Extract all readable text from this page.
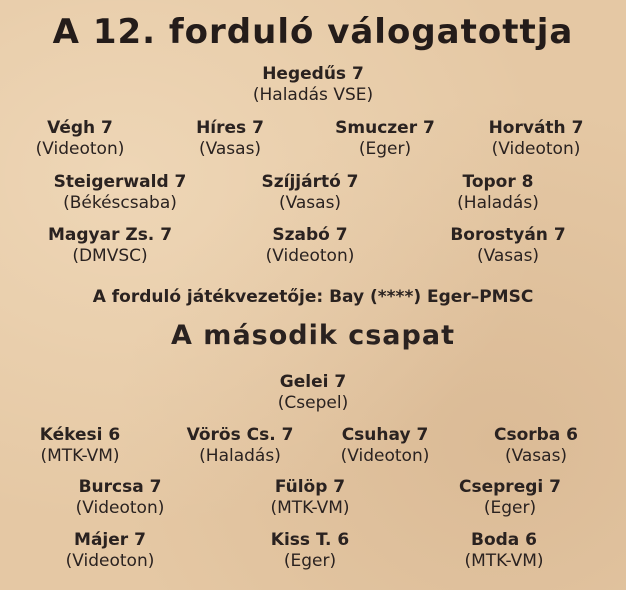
A 12. forduló válogatottja
Hegedűs 7
(Haladás VSE)
Végh 7
(Videoton)
Híres 7
(Vasas)
Smuczer 7
(Eger)
Horváth 7
(Videoton)
Steigerwald 7
(Békéscsaba)
Szíjjártó 7
(Vasas)
Topor 8
(Haladás)
Magyar Zs. 7
(DMVSC)
Szabó 7
(Videoton)
Borostyán 7
(Vasas)
A forduló játékvezetője: Bay (****) Eger–PMSC
A második csapat
Gelei 7
(Csepel)
Kékesi 6
(MTK-VM)
Vörös Cs. 7
(Haladás)
Csuhay 7
(Videoton)
Csorba 6
(Vasas)
Burcsa 7
(Videoton)
Fülöp 7
(MTK-VM)
Csepregi 7
(Eger)
Májer 7
(Videoton)
Kiss T. 6
(Eger)
Boda 6
(MTK-VM)
